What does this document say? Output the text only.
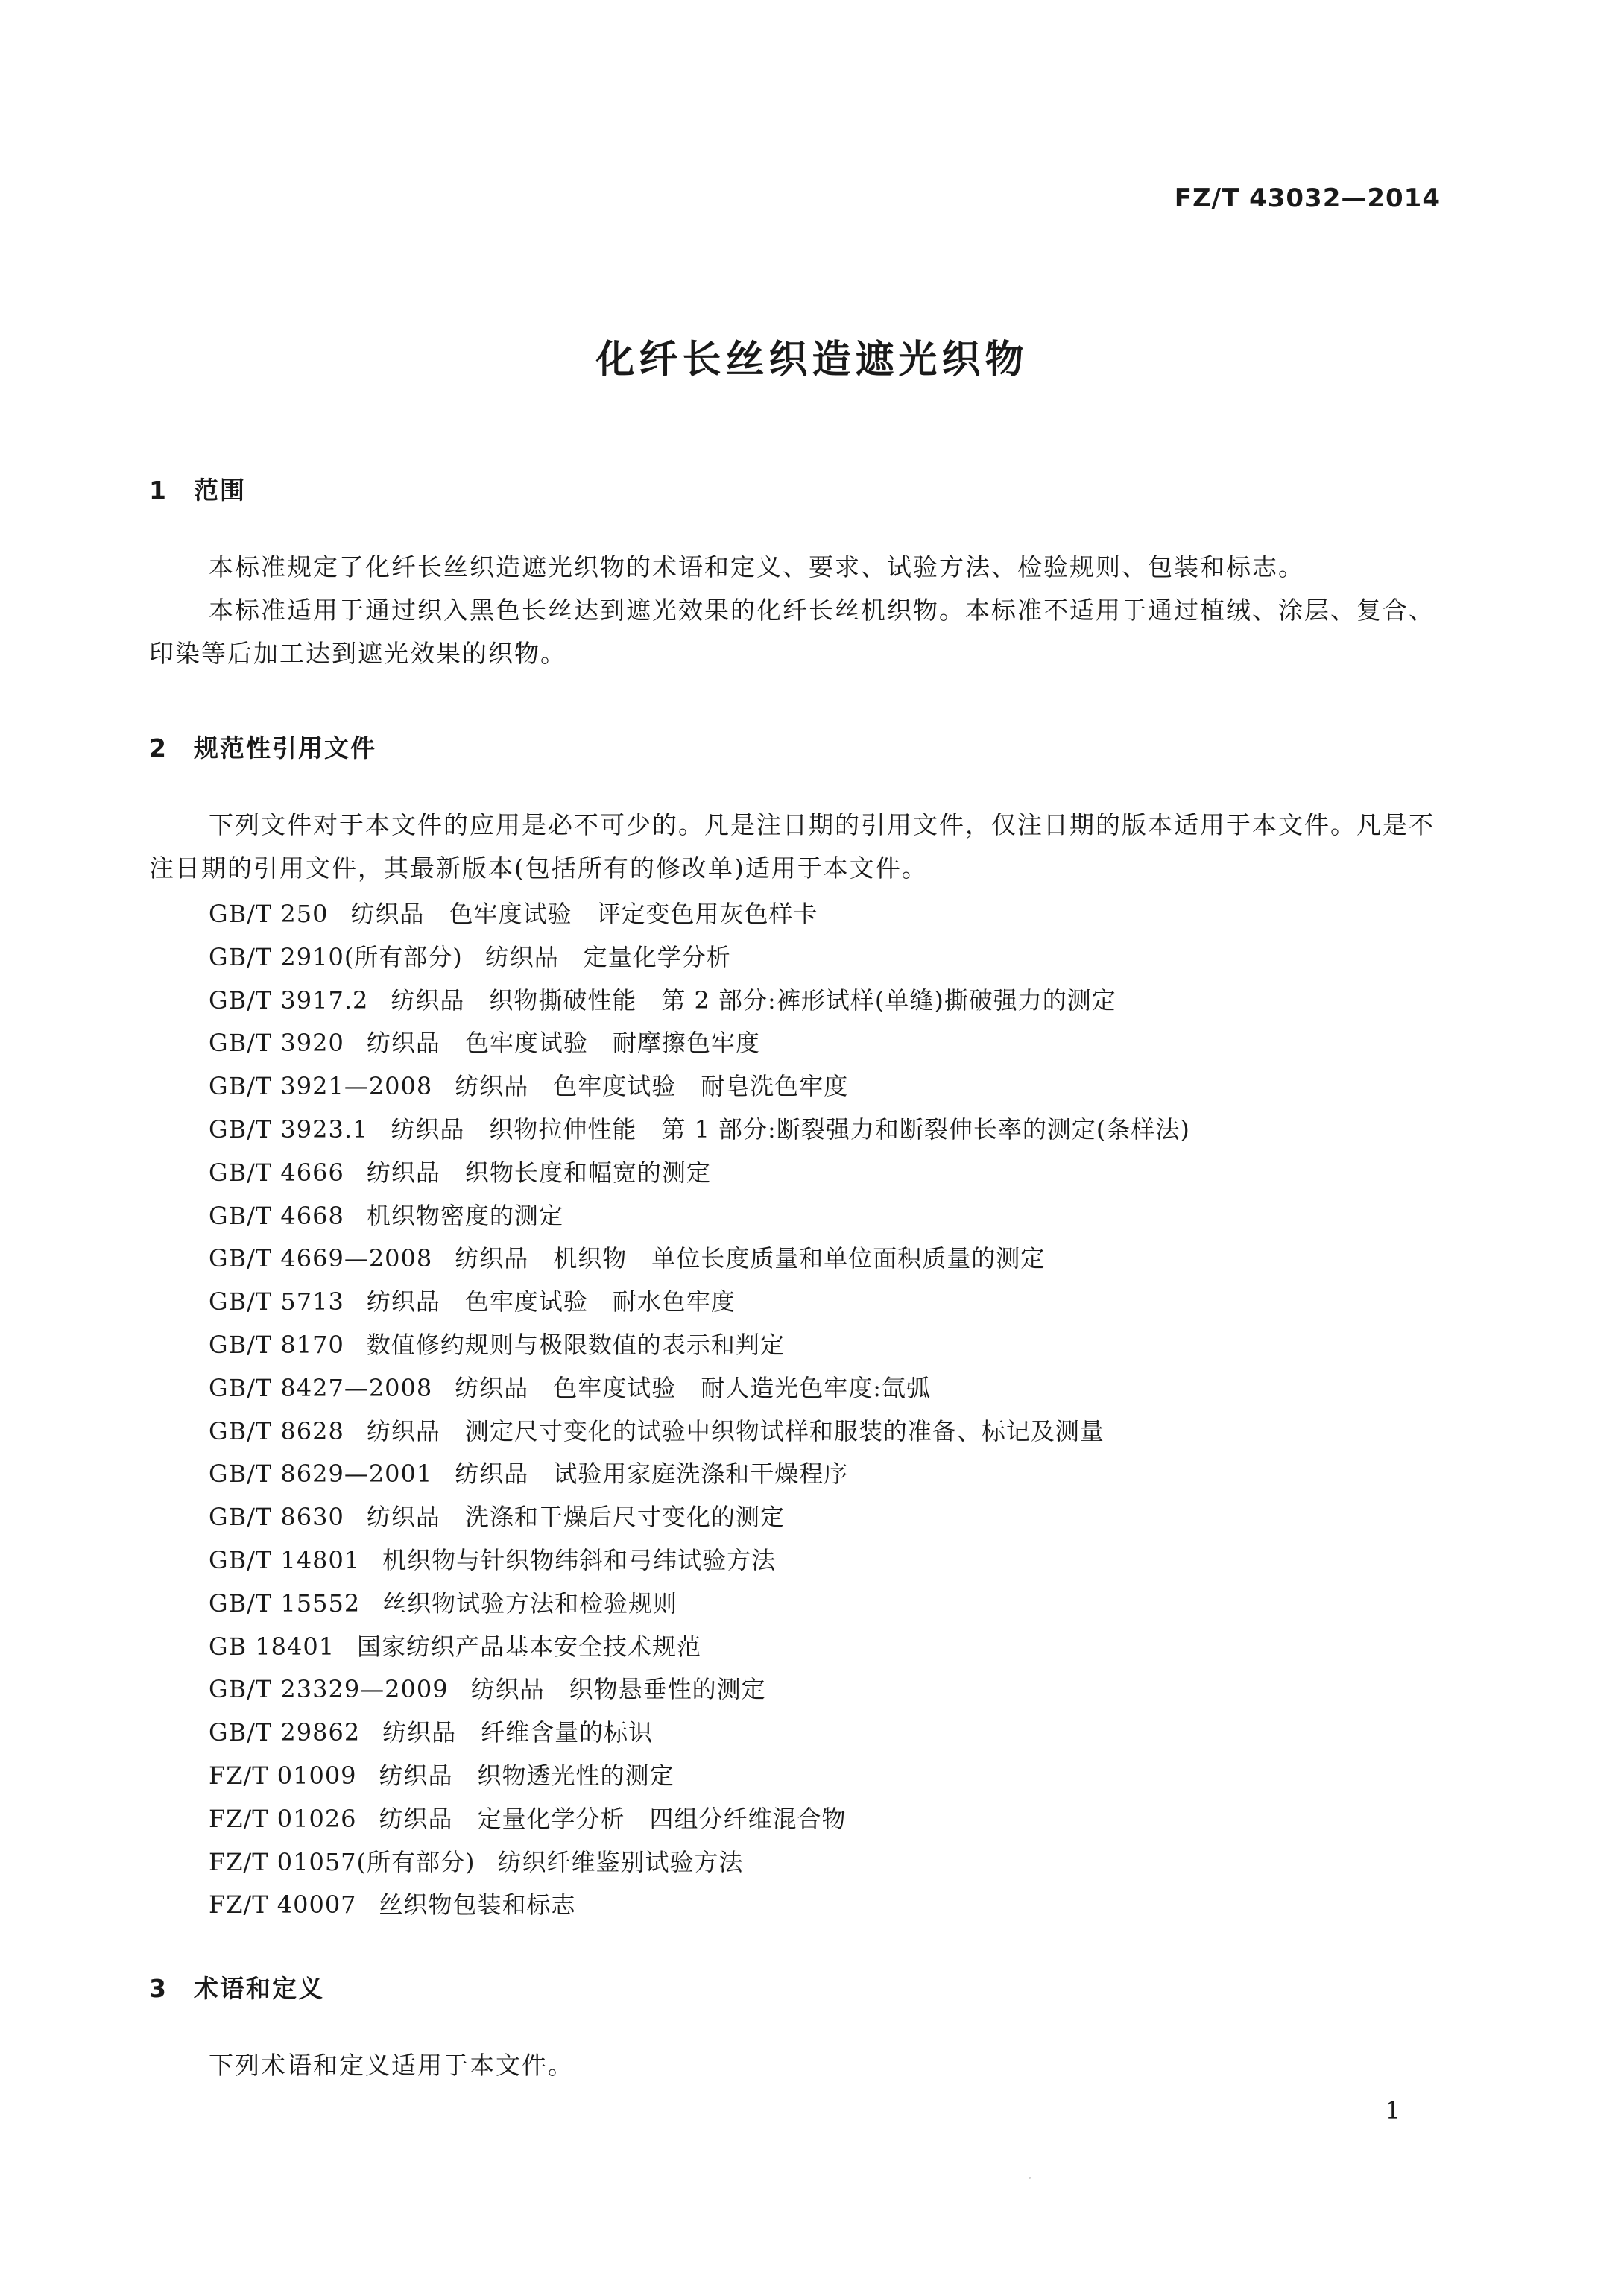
FZ/T 43032—2014
化纤长丝织造遮光织物
1 范围
本标准规定了化纤长丝织造遮光织物的术语和定义、要求、试验方法、检验规则、包装和标志。
本标准适用于通过织入黑色长丝达到遮光效果的化纤长丝机织物。本标准不适用于通过植绒、涂层、复合、印染等后加工达到遮光效果的织物。
2 规范性引用文件
下列文件对于本文件的应用是必不可少的。凡是注日期的引用文件，仅注日期的版本适用于本文件。凡是不注日期的引用文件，其最新版本(包括所有的修改单)适用于本文件。
GB/T 250 纺织品　色牢度试验　评定变色用灰色样卡
GB/T 2910(所有部分) 纺织品　定量化学分析
GB/T 3917.2 纺织品　织物撕破性能　第 2 部分:裤形试样(单缝)撕破强力的测定
GB/T 3920 纺织品　色牢度试验　耐摩擦色牢度
GB/T 3921—2008 纺织品　色牢度试验　耐皂洗色牢度
GB/T 3923.1 纺织品　织物拉伸性能　第 1 部分:断裂强力和断裂伸长率的测定(条样法)
GB/T 4666 纺织品　织物长度和幅宽的测定
GB/T 4668 机织物密度的测定
GB/T 4669—2008 纺织品　机织物　单位长度质量和单位面积质量的测定
GB/T 5713 纺织品　色牢度试验　耐水色牢度
GB/T 8170 数值修约规则与极限数值的表示和判定
GB/T 8427—2008 纺织品　色牢度试验　耐人造光色牢度:氙弧
GB/T 8628 纺织品　测定尺寸变化的试验中织物试样和服装的准备、标记及测量
GB/T 8629—2001 纺织品　试验用家庭洗涤和干燥程序
GB/T 8630 纺织品　洗涤和干燥后尺寸变化的测定
GB/T 14801 机织物与针织物纬斜和弓纬试验方法
GB/T 15552 丝织物试验方法和检验规则
GB 18401 国家纺织产品基本安全技术规范
GB/T 23329—2009 纺织品　织物悬垂性的测定
GB/T 29862 纺织品　纤维含量的标识
FZ/T 01009 纺织品　织物透光性的测定
FZ/T 01026 纺织品　定量化学分析　四组分纤维混合物
FZ/T 01057(所有部分) 纺织纤维鉴别试验方法
FZ/T 40007 丝织物包装和标志
3 术语和定义
下列术语和定义适用于本文件。
1
